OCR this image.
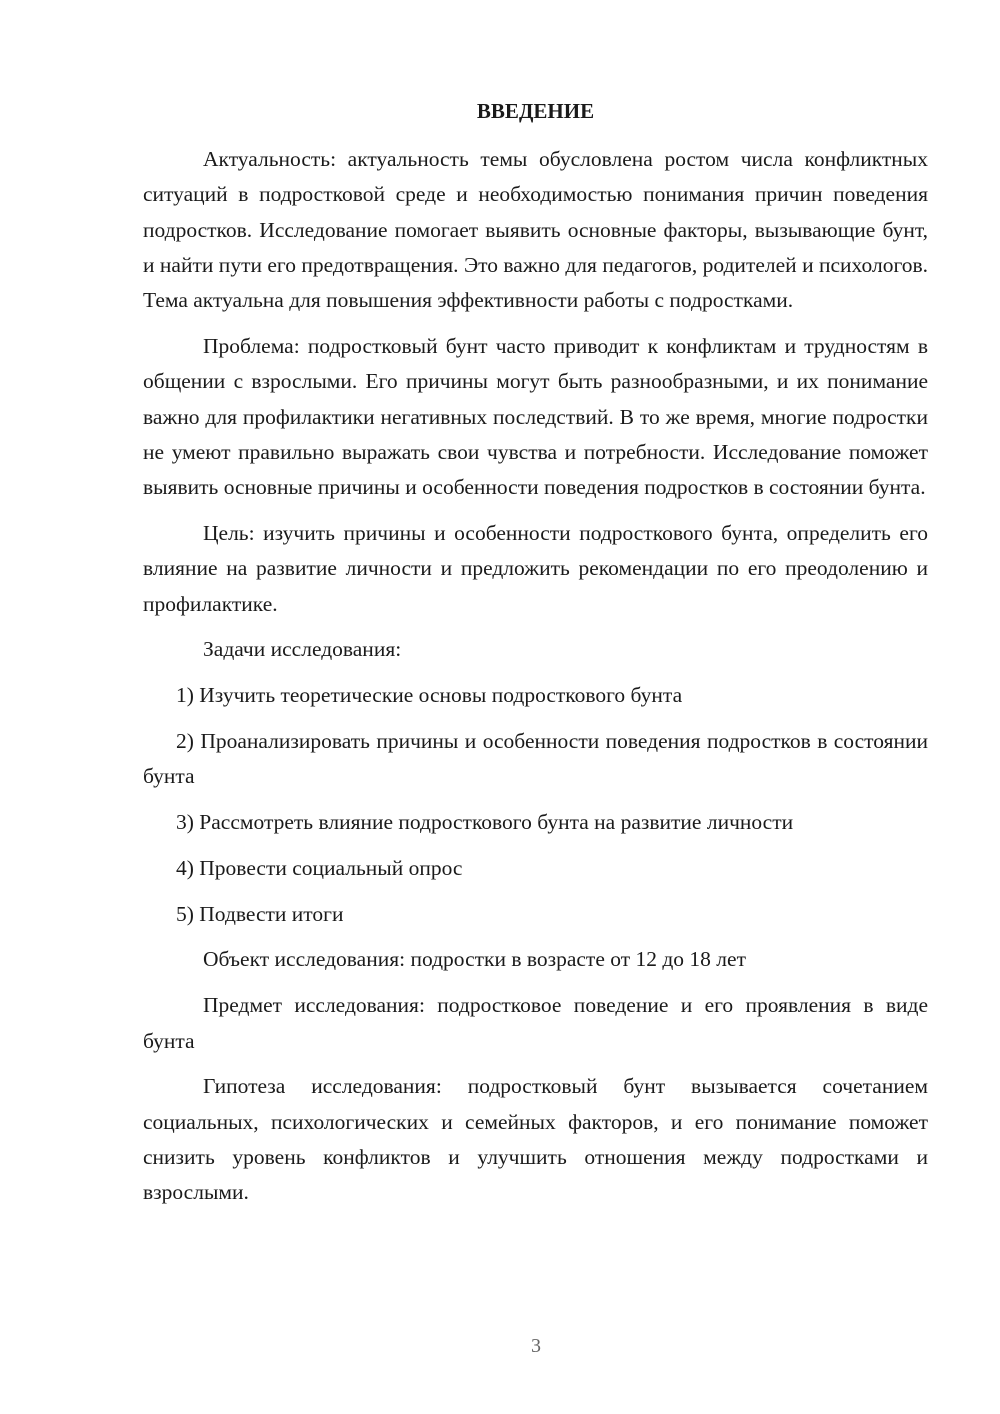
ВВЕДЕНИЕ

Актуальность: актуальность темы обусловлена ростом числа конфликтных ситуаций в подростковой среде и необходимостью понимания причин поведения подростков. Исследование помогает выявить основные факторы, вызывающие бунт, и найти пути его предотвращения. Это важно для педагогов, родителей и психологов. Тема актуальна для повышения эффективности работы с подростками.

Проблема: подростковый бунт часто приводит к конфликтам и трудностям в общении с взрослыми. Его причины могут быть разнообразными, и их понимание важно для профилактики негативных последствий. В то же время, многие подростки не умеют правильно выражать свои чувства и потребности. Исследование поможет выявить основные причины и особенности поведения подростков в состоянии бунта.

Цель: изучить причины и особенности подросткового бунта, определить его влияние на развитие личности и предложить рекомендации по его преодолению и профилактике.

Задачи исследования:

1) Изучить теоретические основы подросткового бунта

2) Проанализировать причины и особенности поведения подростков в состоянии бунта

3) Рассмотреть влияние подросткового бунта на развитие личности

4) Провести социальный опрос

5) Подвести итоги

Объект исследования: подростки в возрасте от 12 до 18 лет

Предмет исследования: подростковое поведение и его проявления в виде бунта

Гипотеза исследования: подростковый бунт вызывается сочетанием социальных, психологических и семейных факторов, и его понимание поможет снизить уровень конфликтов и улучшить отношения между подростками и взрослыми.

3
